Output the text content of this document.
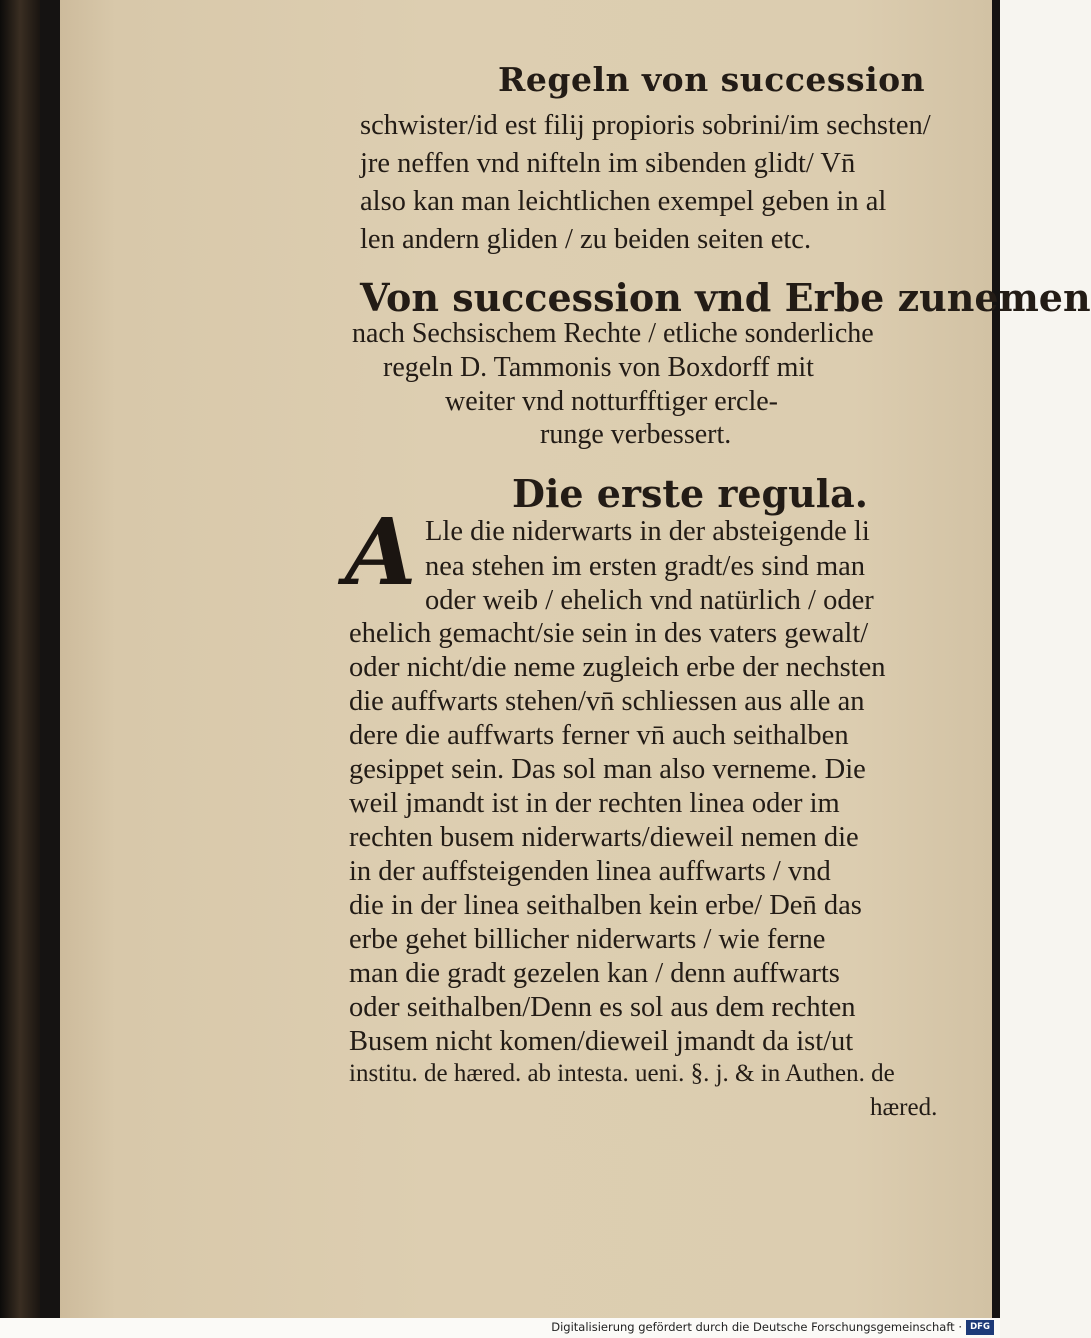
Regeln von succession
schwister/id est filij propioris sobrini/im sechsten/
jre neffen vnd nifteln im sibenden glidt/ Vn̄
also kan man leichtlichen exempel geben in al
len andern gliden / zu beiden seiten etc.
Von succession vnd Erbe zunemen
nach Sechsischem Rechte / etliche sonderliche
regeln D. Tammonis von Boxdorff mit
weiter vnd notturfftiger ercle-
runge verbessert.
Die erste regula.
A Lle die niderwarts in der absteigende li
nea stehen im ersten gradt/es sind man
oder weib / ehelich vnd natürlich / oder
ehelich gemacht/sie sein in des vaters gewalt/
oder nicht/die neme zugleich erbe der nechsten
die auffwarts stehen/vn̄ schliessen aus alle an
dere die auffwarts ferner vn̄ auch seithalben
gesippet sein. Das sol man also verneme. Die
weil jmandt ist in der rechten linea oder im
rechten busem niderwarts/dieweil nemen die
in der auffsteigenden linea auffwarts / vnd
die in der linea seithalben kein erbe/ Den̄ das
erbe gehet billicher niderwarts / wie ferne
man die gradt gezelen kan / denn auffwarts
oder seithalben/Denn es sol aus dem rechten
Busem nicht komen/dieweil jmandt da ist/ut
institu. de hæred. ab intesta. ueni. §. j. & in Authen. de
hæred.
Digitalisierung gefördert durch die Deutsche Forschungsgemeinschaft · DFG
